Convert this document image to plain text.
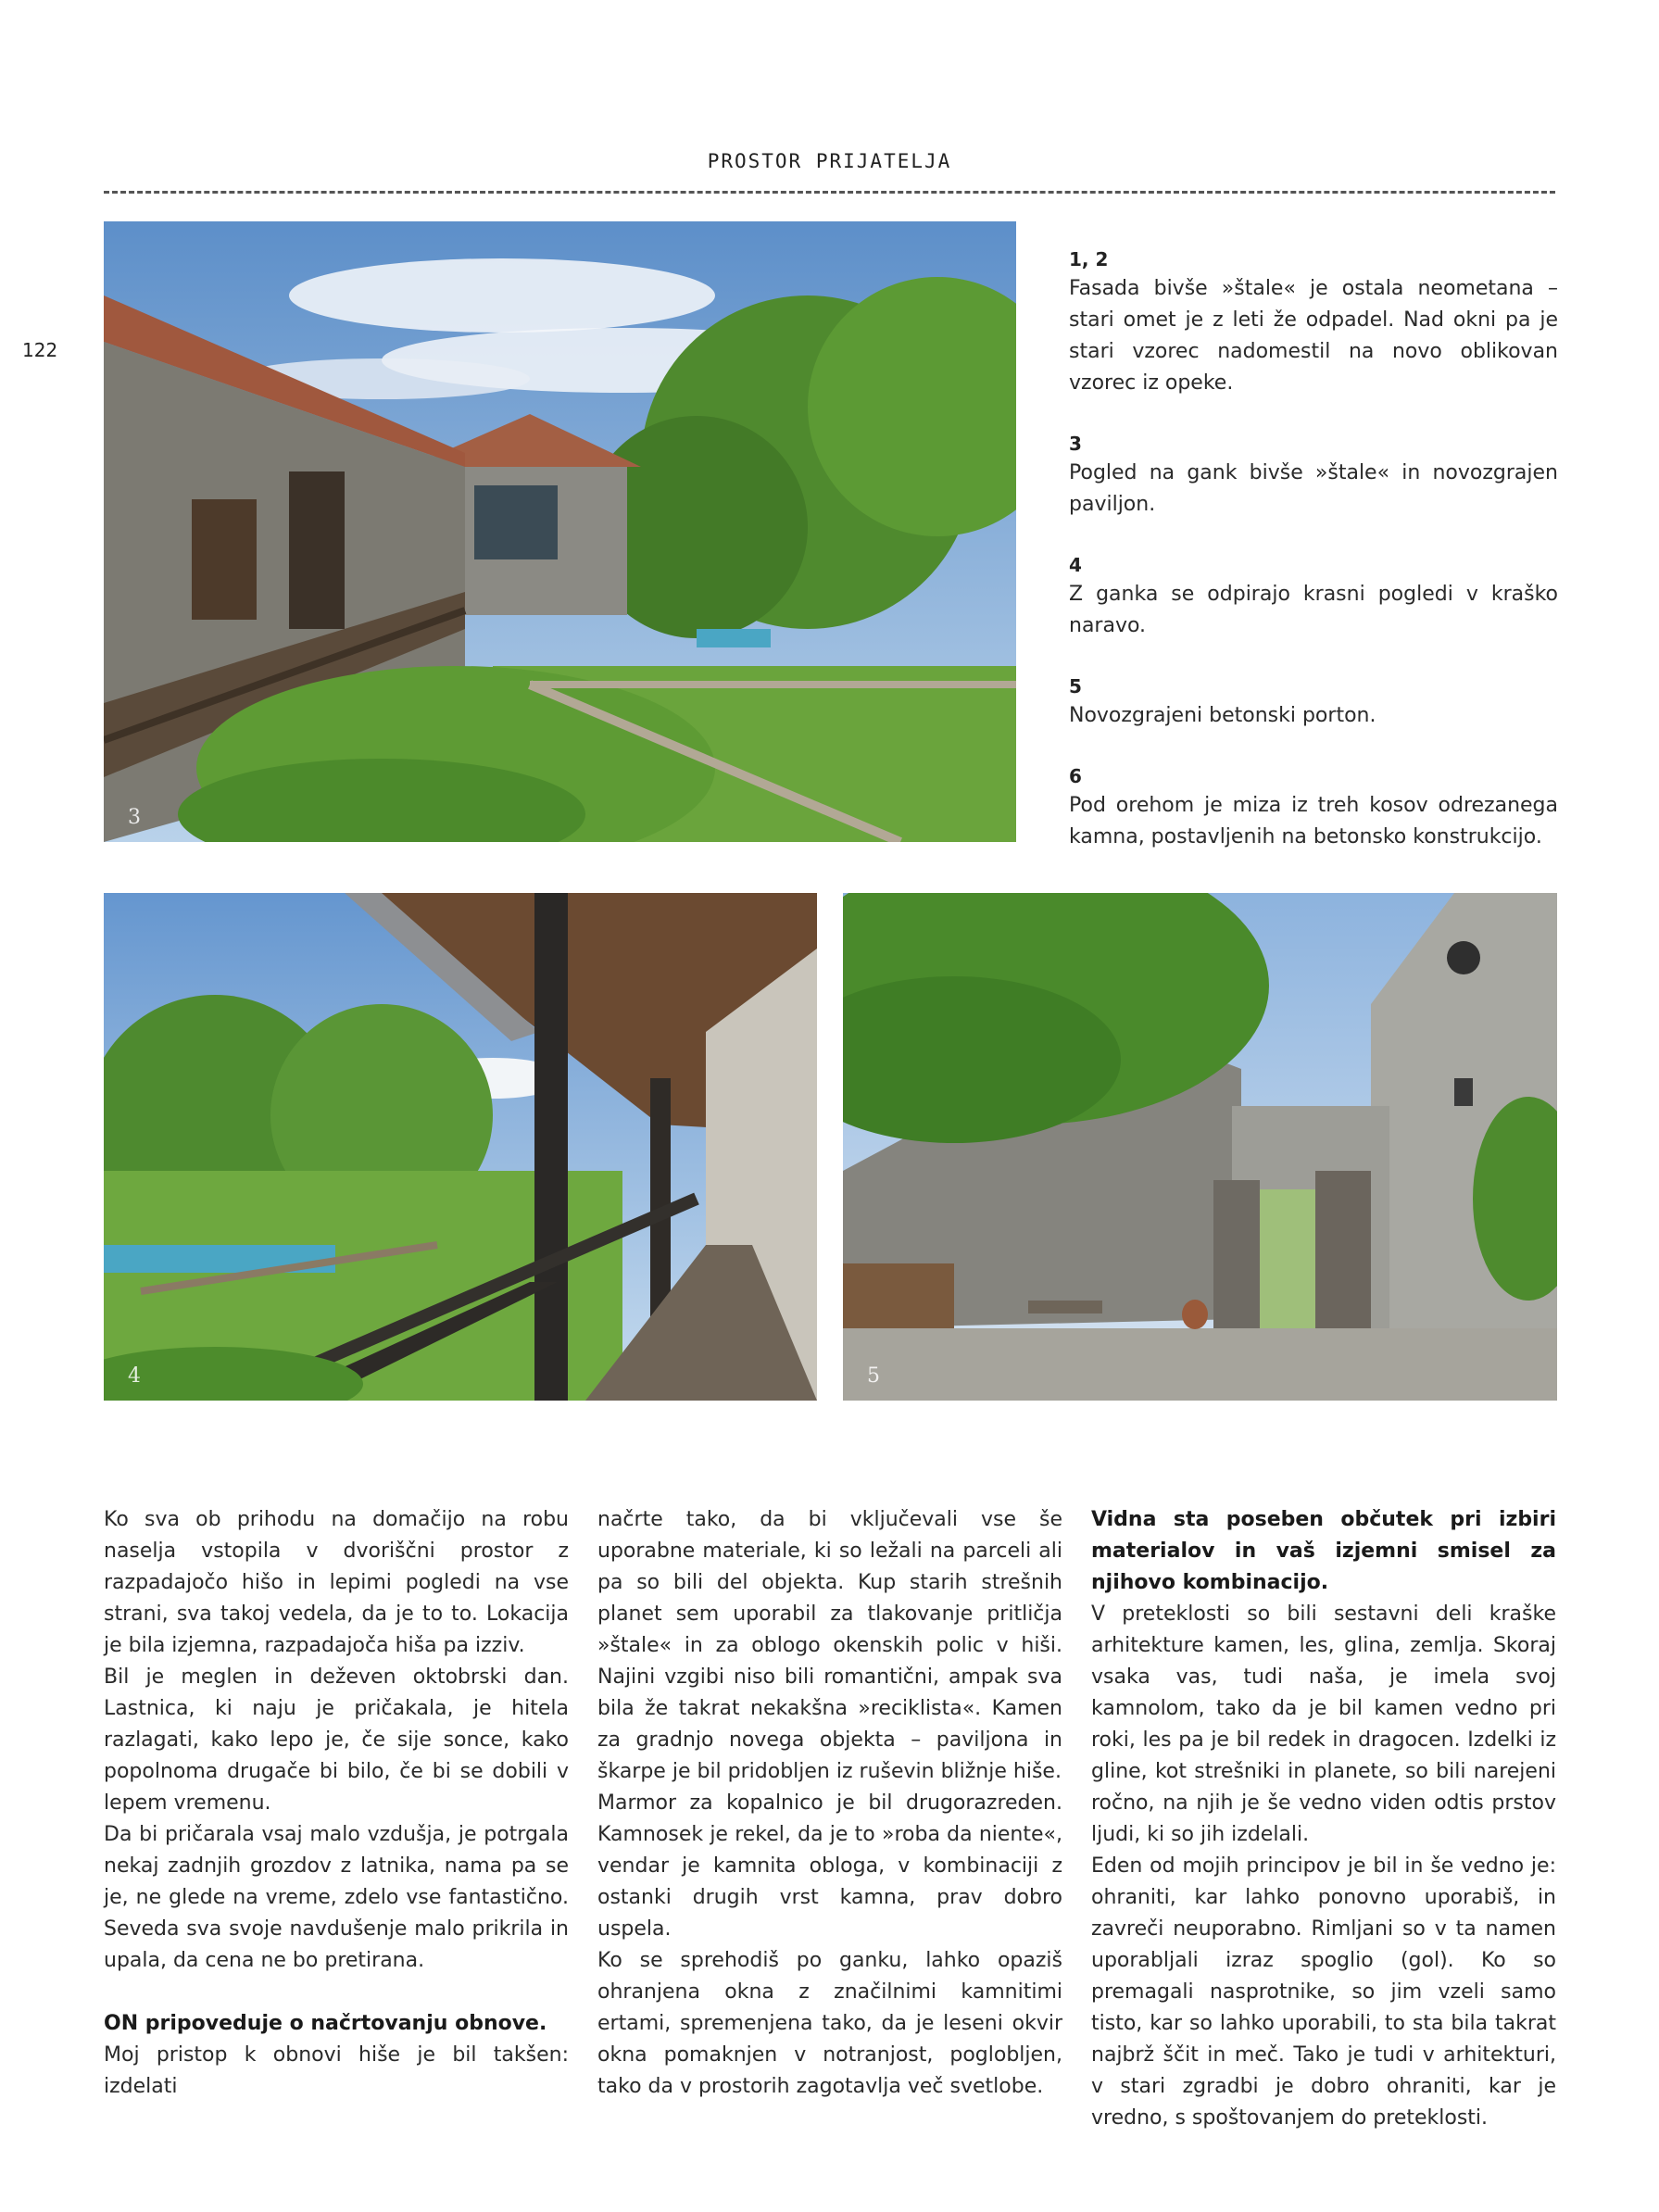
PROSTOR PRIJATELJA
122
3
4	5
1, 2
Fasada bivše »štale« je ostala neometana – stari omet je z leti že odpadel. Nad okni pa je stari vzorec nadomestil na novo oblikovan vzorec iz opeke.
3
Pogled na gank bivše »štale« in novozgrajen paviljon.
4
Z ganka se odpirajo krasni pogledi v kraško naravo.
5
Novozgrajeni betonski porton.
6
Pod orehom je miza iz treh kosov odrezanega kamna, postavljenih na betonsko konstrukcijo.

Ko sva ob prihodu na domačijo na robu naselja vstopila v dvoriščni prostor z razpadajočo hišo in lepimi pogledi na vse strani, sva takoj vedela, da je to to. Lokacija je bila izjemna, razpadajoča hiša pa izziv.

Bil je meglen in deževen oktobrski dan. Lastnica, ki naju je pričakala, je hitela razlagati, kako lepo je, če sije sonce, kako popolnoma drugače bi bilo, če bi se dobili v lepem vremenu.

Da bi pričarala vsaj malo vzdušja, je potrgala nekaj zadnjih grozdov z latnika, nama pa se je, ne glede na vreme, zdelo vse fantastično. Seveda sva svoje navdušenje malo prikrila in upala, da cena ne bo pretirana.

ON pripoveduje o načrtovanju obnove.

Moj pristop k obnovi hiše je bil takšen: izdelati

načrte tako, da bi vključevali vse še uporabne materiale, ki so ležali na parceli ali pa so bili del objekta. Kup starih strešnih planet sem uporabil za tlakovanje pritličja »štale« in za oblogo okenskih polic v hiši. Najini vzgibi niso bili romantični, ampak sva bila že takrat nekakšna »reciklista«. Kamen za gradnjo novega objekta – paviljona in škarpe je bil pridobljen iz ruševin bližnje hiše.

Marmor za kopalnico je bil drugorazreden. Kamnosek je rekel, da je to »roba da niente«, vendar je kamnita obloga, v kombinaciji z ostanki drugih vrst kamna, prav dobro uspela.

Ko se sprehodiš po ganku, lahko opaziš ohranjena okna z značilnimi kamnitimi ertami, spremenjena tako, da je leseni okvir okna pomaknjen v notranjost, poglobljen, tako da v prostorih zagotavlja več svetlobe.

Vidna sta poseben občutek pri izbiri materialov in vaš izjemni smisel za njihovo kombinacijo.

V preteklosti so bili sestavni deli kraške arhitekture kamen, les, glina, zemlja. Skoraj vsaka vas, tudi naša, je imela svoj kamnolom, tako da je bil kamen vedno pri roki, les pa je bil redek in dragocen. Izdelki iz gline, kot strešniki in planete, so bili narejeni ročno, na njih je še vedno viden odtis prstov ljudi, ki so jih izdelali.

Eden od mojih principov je bil in še vedno je: ohraniti, kar lahko ponovno uporabiš, in zavreči neuporabno. Rimljani so v ta namen uporabljali izraz spoglio (gol). Ko so premagali nasprotnike, so jim vzeli samo tisto, kar so lahko uporabili, to sta bila takrat najbrž ščit in meč. Tako je tudi v arhitekturi, v stari zgradbi je dobro ohraniti, kar je vredno, s spoštovanjem do preteklosti.
